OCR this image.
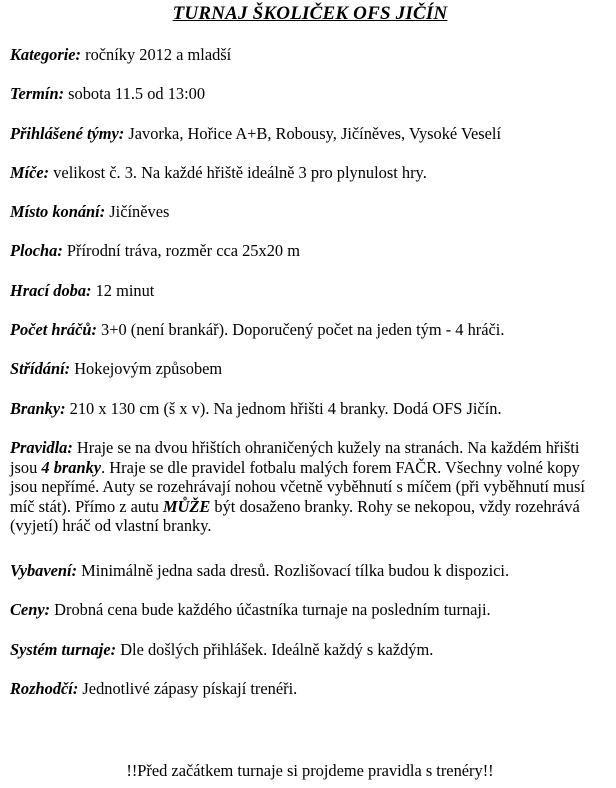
TURNAJ ŠKOLIČEK OFS JIČÍN
Kategorie: ročníky 2012 a mladší
Termín: sobota 11.5 od 13:00
Přihlášené týmy: Javorka, Hořice A+B, Robousy, Jičíněves, Vysoké Veselí
Míče: velikost č. 3. Na každé hřiště ideálně 3 pro plynulost hry.
Místo konání: Jičíněves
Plocha: Přírodní tráva, rozměr cca 25x20 m
Hrací doba: 12 minut
Počet hráčů: 3+0 (není brankář). Doporučený počet na jeden tým - 4 hráči.
Střídání: Hokejovým způsobem
Branky: 210 x 130 cm (š x v). Na jednom hřišti 4 branky. Dodá OFS Jičín.
Pravidla: Hraje se na dvou hřištích ohraničených kužely na stranách. Na každém hřišti jsou 4 branky. Hraje se dle pravidel fotbalu malých forem FAČR. Všechny volné kopy jsou nepřímé. Auty se rozehrávají nohou včetně vyběhnutí s míčem (při vyběhnutí musí míč stát). Přímo z autu MŮŽE být dosaženo branky. Rohy se nekopou, vždy rozehrává (vyjetí) hráč od vlastní branky.
Vybavení: Minimálně jedna sada dresů. Rozlišovací tílka budou k dispozici.
Ceny: Drobná cena bude každého účastníka turnaje na posledním turnaji.
Systém turnaje: Dle došlých přihlášek. Ideálně každý s každým.
Rozhodčí: Jednotlivé zápasy pískají trenéři.
!!Před začátkem turnaje si projdeme pravidla s trenéry!!
